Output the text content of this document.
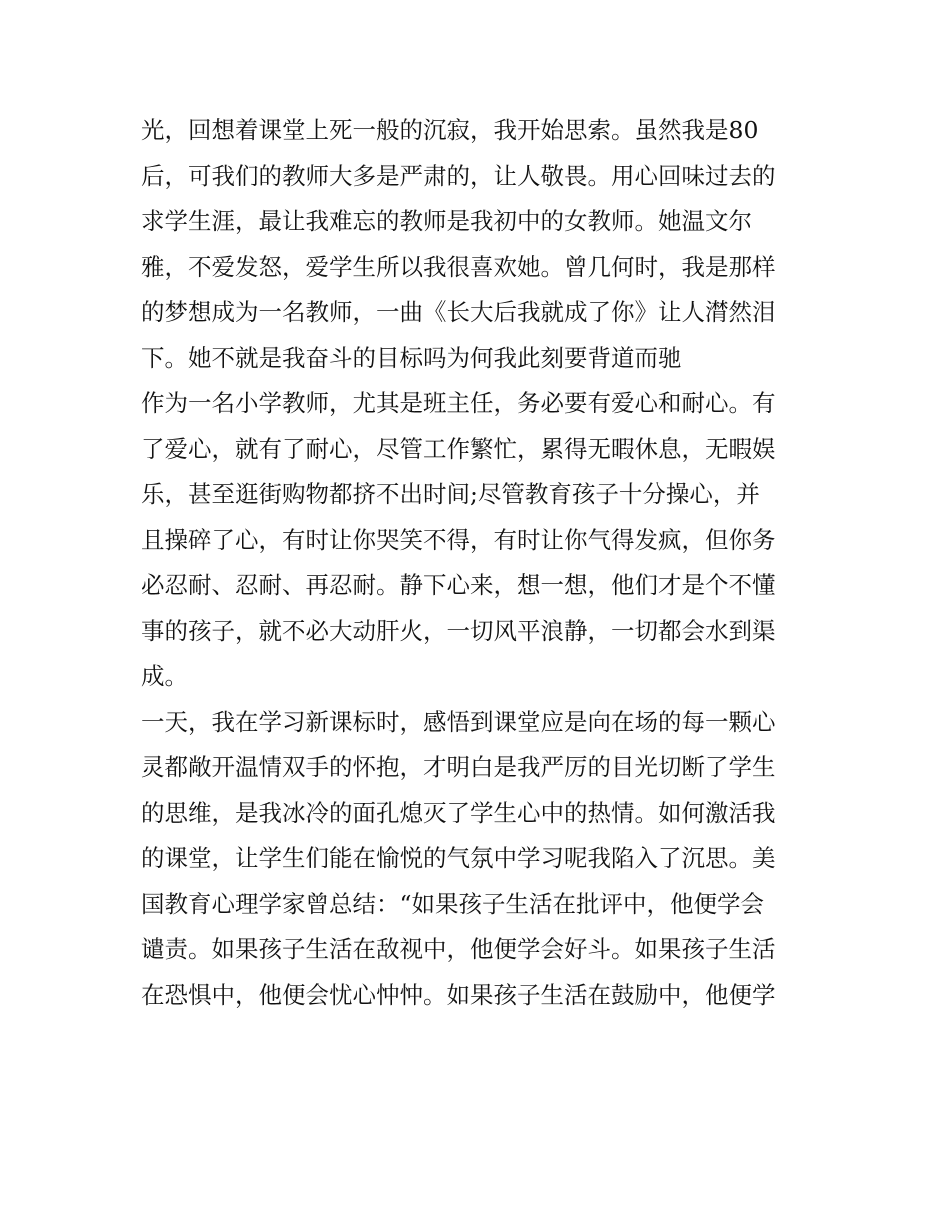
光，回想着课堂上死一般的沉寂，我开始思索。虽然我是80
后，可我们的教师大多是严肃的，让人敬畏。用心回味过去的
求学生涯，最让我难忘的教师是我初中的女教师。她温文尔
雅，不爱发怒，爱学生所以我很喜欢她。曾几何时，我是那样
的梦想成为一名教师，一曲《长大后我就成了你》让人潸然泪
下。她不就是我奋斗的目标吗为何我此刻要背道而驰
作为一名小学教师，尤其是班主任，务必要有爱心和耐心。有
了爱心，就有了耐心，尽管工作繁忙，累得无暇休息，无暇娱
乐，甚至逛街购物都挤不出时间;尽管教育孩子十分操心，并
且操碎了心，有时让你哭笑不得，有时让你气得发疯，但你务
必忍耐、忍耐、再忍耐。静下心来，想一想，他们才是个不懂
事的孩子，就不必大动肝火，一切风平浪静，一切都会水到渠
成。
一天，我在学习新课标时，感悟到课堂应是向在场的每一颗心
灵都敞开温情双手的怀抱，才明白是我严厉的目光切断了学生
的思维，是我冰冷的面孔熄灭了学生心中的热情。如何激活我
的课堂，让学生们能在愉悦的气氛中学习呢我陷入了沉思。美
国教育心理学家曾总结：“如果孩子生活在批评中，他便学会
谴责。如果孩子生活在敌视中，他便学会好斗。如果孩子生活
在恐惧中，他便会忧心忡忡。如果孩子生活在鼓励中，他便学
